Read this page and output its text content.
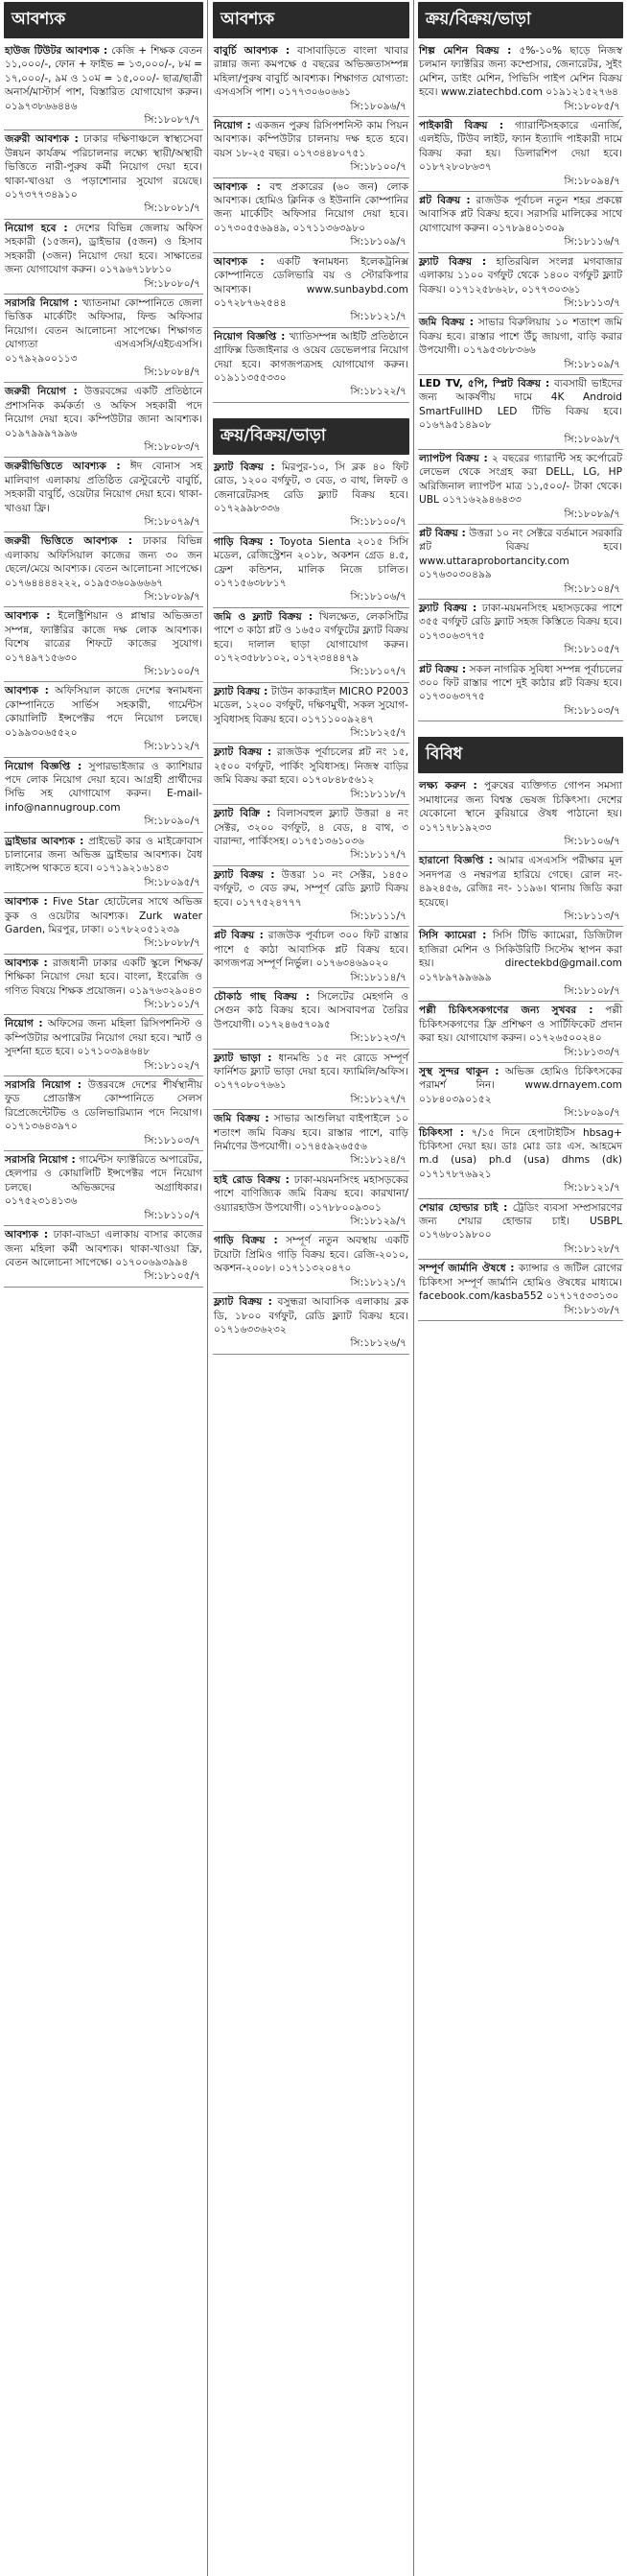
আবশ্যক
হাউজ টিউটর আবশ্যক : কেজি + শিক্ষক বেতন ১১,০০০/-, ফোন + ফাইভ = ১৩,০০০/-, ৮ম = ১৭,০০০/-, ৯ম ও ১০ম = ১৫,০০০/- ছাত্র/ছাত্রী অনার্স/মাস্টার্স পাশ, বিস্তারিত যোগাযোগ করুন। ০১৯৭৩৮৬৬৪৪৬
সি:১৮০৮৭/৭
জরুরী আবশ্যক : ঢাকার দক্ষিণাঞ্চলে স্বাস্থ্যসেবা উন্নয়ন কার্যক্রম পরিচালনার লক্ষ্যে স্থায়ী/অস্থায়ী ভিত্তিতে নারী-পুরুষ কর্মী নিয়োগ দেয়া হবে। থাকা-খাওয়া ও পড়াশোনার সুযোগ রয়েছে। ০১৭৩৭৭৩৪৯১০
সি:১৮০৮১/৭
নিয়োগ হবে : দেশের বিভিন্ন জেলায় অফিস সহকারী (১৫জন), ড্রাইভার (৫জন) ও হিসাব সহকারী (৩জন) নিয়োগ দেয়া হবে। সাক্ষাতের জন্য যোগাযোগ করুন। ০১৭৯৬৭১৮৮১০
সি:১৮০৮০/৭
সরাসরি নিয়োগ : খ্যাতনামা কোম্পানিতে জেলা ভিত্তিক মার্কেটিং অফিসার, ফিল্ড অফিসার নিয়োগ। বেতন আলোচনা সাপেক্ষে। শিক্ষাগত যোগ্যতা এসএসসি/এইচএসসি। ০১৭৯২৯০০১১৩
সি:১৮০৮৪/৭
জরুরী নিয়োগ : উত্তরবঙ্গের একটি প্রতিষ্ঠানে প্রশাসনিক কর্মকর্তা ও অফিস সহকারী পদে নিয়োগ দেয়া হবে। কম্পিউটার জানা আবশ্যক। ০১৯৭৯৯৯৭৯৯৬
সি:১৮০৮৩/৭
জরুরীভিত্তিতে আবশ্যক : ঈদ বোনাস সহ মালিবাগ এলাকায় প্রতিষ্ঠিত রেস্টুরেন্টে বাবুর্চি, সহকারী বাবুর্চি, ওয়েটার নিয়োগ দেয়া হবে। থাকা-খাওয়া ফ্রি।
সি:১৮০৭৯/৭
জরুরী ভিত্তিতে আবশ্যক : ঢাকার বিভিন্ন এলাকায় অফিসিয়াল কাজের জন্য ৩০ জন ছেলে/মেয়ে আবশ্যক। বেতন আলোচনা সাপেক্ষে। ০১৭৬৪৪৪৪২২২, ০১৯৫৩৬০৯৬৬৬৭
সি:১৮০৮৯/৭
আবশ্যক : ইলেক্ট্রিশিয়ান ও প্লাম্বার অভিজ্ঞতা সম্পন্ন, ফ্যাক্টরির কাজে দক্ষ লোক আবশ্যক। বিশেষ রাত্রের শিফটে কাজের সুযোগ। ০১৭৪৯৭১৫৬৩০
সি:১৮১০০/৭
আবশ্যক : অফিসিয়াল কাজে দেশের স্বনামধন্য কোম্পানিতে সার্ভিস সহকারী, গার্মেন্টস কোয়ালিটি ইন্সপেক্টর পদে নিয়োগ চলছে। ০১৯৯৩০৬৫৫২০
সি:১৮১১২/৭
নিয়োগ বিজ্ঞপ্তি : সুপারভাইজার ও ক্যাশিয়ার পদে লোক নিয়োগ দেয়া হবে। আগ্রহী প্রার্থীদের সিভি সহ যোগাযোগ করুন। E-mail-info@nannugroup.com
সি:১৮০৯০/৭
ড্রাইভার আবশ্যক : প্রাইভেট কার ও মাইক্রোবাস চালানোর জন্য অভিজ্ঞ ড্রাইভার আবশ্যক। বৈধ লাইসেন্স থাকতে হবে। ০১৭১৯২১৬১৪৩
সি:১৮০৯৫/৭
আবশ্যক : Five Star হোটেলের সাথে অভিজ্ঞ কুক ও ওয়েটার আবশ্যক। Zurk water Garden, মিরপুর, ঢাকা। ০১৭৮২০৫১২৩৯
সি:১৮০৮৮/৭
আবশ্যক : রাজধানী ঢাকার একটি স্কুলে শিক্ষক/শিক্ষিকা নিয়োগ দেয়া হবে। বাংলা, ইংরেজি ও গণিত বিষয়ে শিক্ষক প্রয়োজন। ০১৯৭৬৩২৯০৪৩
সি:১৮১০১/৭
নিয়োগ : অফিসের জন্য মহিলা রিসিপশনিস্ট ও কম্পিউটার অপারেটর নিয়োগ দেয়া হবে। স্মার্ট ও সুদর্শনা হতে হবে। ০১৭১০৩৯৪৬৪৮
সি:১৮১০২/৭
সরাসরি নিয়োগ : উত্তরবঙ্গে দেশের শীর্ষস্থানীয় ফুড প্রোডাক্টস কোম্পানিতে সেলস রিপ্রেজেন্টেটিভ ও ডেলিভারিম্যান পদে নিয়োগ। ০১৭১৩৬৪৩৯৭০
সি:১৮১০৩/৭
সরাসরি নিয়োগ : গার্মেন্টস ফ্যাক্টরিতে অপারেটর, হেলপার ও কোয়ালিটি ইন্সপেক্টর পদে নিয়োগ চলছে। অভিজ্ঞদের অগ্রাধিকার। ০১৭৫২৩১৪১৩৬
সি:১৮১১০/৭
আবশ্যক : ঢাকা-বাড্ডা এলাকায় বাসার কাজের জন্য মহিলা কর্মী আবশ্যক। থাকা-খাওয়া ফ্রি, বেতন আলোচনা সাপেক্ষে। ০১৭০০৬৯৩৯৯৪
সি:১৮১০৫/৭
আবশ্যক
বাবুর্চি আবশ্যক : বাসাবাড়িতে বাংলা খাবার রান্নার জন্য কমপক্ষে ৫ বছরের অভিজ্ঞতাসম্পন্ন মহিলা/পুরুষ বাবুর্চি আবশ্যক। শিক্ষাগত যোগ্যতা: এসএসসি পাশ। ০১৭৭৩০৬০৬৬১
সি:১৮০৯৬/৭
নিয়োগ : একজন পুরুষ রিসিপশনিস্ট কাম পিয়ন আবশ্যক। কম্পিউটার চালনায় দক্ষ হতে হবে। বয়স ১৮-২৫ বছর। ০১৭৩৪৪৮০৭৫১
সি:১৮১০০/৭
আবশ্যক : বহু প্রকারের (৬০ জন) লোক আবশ্যক। হোমিও ক্লিনিক ও ইউনানি কোম্পানির জন্য মার্কেটিং অফিসার নিয়োগ দেয়া হবে। ০১৭৩০৫৫৬৯৪৯, ০১৭১১৩৬৩৯৮০
সি:১৮১০৯/৭
আবশ্যক : একটি স্বনামধন্য ইলেকট্রনিক্স কোম্পানিতে ডেলিভারি বয় ও স্টোরকিপার আবশ্যক। www.sunbaybd.com ০১৭২৮৭৬২৫৪৪
সি:১৮১২১/৭
নিয়োগ বিজ্ঞপ্তি : খ্যাতিসম্পন্ন আইটি প্রতিষ্ঠানে গ্রাফিক্স ডিজাইনার ও ওয়েব ডেভেলপার নিয়োগ দেয়া হবে। কাগজপত্রসহ যোগাযোগ করুন। ০১৯১১৩৫৫৩৩০
সি:১৮১২২/৭
ক্রয়/বিক্রয়/ভাড়া
ফ্ল্যাট বিক্রয় : মিরপুর-১০, সি ব্লক ৪০ ফিট রোড, ১২০০ বর্গফুট, ৩ বেড, ৩ বাথ, লিফট ও জেনারেটরসহ রেডি ফ্ল্যাট বিক্রয় হবে। ০১৭২৯৯৮৩৩৬
সি:১৮১০০/৭
গাড়ি বিক্রয় : Toyota Sienta ২০১৫ সিসি মডেল, রেজিস্ট্রেশন ২০১৮, অকশন গ্রেড ৪.৫, ফ্রেশ কন্ডিশন, মালিক নিজে চালিত। ০১৭১৫৬৩৮৮১৭
সি:১৮১০৬/৭
জমি ও ফ্ল্যাট বিক্রয় : খিলক্ষেত, লেকসিটির পাশে ৩ কাঠা প্লট ও ১৬৫০ বর্গফুটের ফ্ল্যাট বিক্রয় হবে। দালাল ছাড়া যোগাযোগ করুন। ০১৭২৩৫৮৮১০২, ০১৭২৩৪৪৪৭৯
সি:১৮১০৭/৭
ফ্ল্যাট বিক্রয় : টাউন কাকরাইল MICRO P2003 মডেল, ১২০০ বর্গফুট, দক্ষিণমুখী, সকল সুযোগ-সুবিধাসহ বিক্রয় হবে। ০১৭১১০০৯২৪৭
সি:১৮১২৫/৭
ফ্ল্যাট বিক্রয় : রাজউক পূর্বাচলের প্লট নং ১৫, ২৫০০ বর্গফুট, পার্কিং সুবিধাসহ। নিজস্ব বাড়ির জমি বিক্রয় করা হবে। ০১৭০৮৪৮৫৬১২
সি:১৮১১৮/৭
ফ্ল্যাট বিক্রি : বিলাসবহুল ফ্ল্যাট উত্তরা ৪ নং সেক্টর, ৩২০০ বর্গফুট, ৪ বেড, ৪ বাথ, ৩ বারান্দা, পার্কিংসহ। ০১৭৫১৩৬১০৩৬
সি:১৮১১৭/৭
ফ্ল্যাট বিক্রয় : উত্তরা ১০ নং সেক্টর, ১৪৫০ বর্গফুট, ৩ বেড রুম, সম্পূর্ণ রেডি ফ্ল্যাট বিক্রয় হবে। ০১৭৭৫২৪৭৭৭
সি:১৮১১১/৭
প্লট বিক্রয় : রাজউক পূর্বাচল ৩০০ ফিট রাস্তার পাশে ৫ কাঠা আবাসিক প্লট বিক্রয় হবে। কাগজপত্র সম্পূর্ণ নির্ভুল। ০১৭৬৩৪৬৯০২০
সি:১৮১১৪/৭
চৌকাঠ গাছ বিক্রয় : সিলেটের মেহগনি ও সেগুন কাঠ বিক্রয় হবে। আসবাবপত্র তৈরির উপযোগী। ০১৭২৪৬৫৭০৯৫
সি:১৮১২৩/৭
ফ্ল্যাট ভাড়া : ধানমন্ডি ১৫ নং রোডে সম্পূর্ণ ফার্নিশড ফ্ল্যাট ভাড়া দেয়া হবে। ফ্যামিলি/অফিস। ০১৭৭০৮০৭৬৬১
সি:১৮১২৭/৭
জমি বিক্রয় : সাভার আশুলিয়া বাইপাইলে ১০ শতাংশ জমি বিক্রয় হবে। রাস্তার পাশে, বাড়ি নির্মাণের উপযোগী। ০১৭৪৫৯২৬৫৫৬
সি:১৮১২৪/৭
হাই রোড বিক্রয় : ঢাকা-ময়মনসিংহ মহাসড়কের পাশে বাণিজ্যিক জমি বিক্রয় হবে। কারখানা/ওয়্যারহাউস উপযোগী। ০১৭৮৮০০৯৩০১
সি:১৮১২৯/৭
গাড়ি বিক্রয় : সম্পূর্ণ নতুন অবস্থায় একটি টয়োটা প্রিমিও গাড়ি বিক্রয় হবে। রেজি-২০১০, অকশন-২০০৮। ০১৭১১৩২০৪৭০
সি:১৮১২১/৭
ফ্ল্যাট বিক্রয় : বসুন্ধরা আবাসিক এলাকায় ব্লক ডি, ১৮০০ বর্গফুট, রেডি ফ্ল্যাট বিক্রয় হবে। ০১৭১৬৩৩৬২৩২
সি:১৮১২৬/৭
ক্রয়/বিক্রয়/ভাড়া
শিল্প মেশিন বিক্রয় : ৫%-১০% ছাড়ে নিজস্ব চলমান ফ্যাক্টরির জন্য কম্প্রেসার, জেনারেটর, সুইং মেশিন, ডাইং মেশিন, পিভিসি পাইপ মেশিন বিক্রয় হবে। www.ziatechbd.com ০১৯১২১৫২৭৬৪
সি:১৮০৮৫/৭
পাইকারী বিক্রয় : গ্যারান্টিসহকারে এনার্জি, এলইডি, টিউব লাইট, ফ্যান ইত্যাদি পাইকারী দামে বিক্রয় করা হয়। ডিলারশিপ দেয়া হবে। ০১৮৭২৮০৮৬৩৭
সি:১৮০৯৪/৭
প্লট বিক্রয় : রাজউক পূর্বাচল নতুন শহর প্রকল্পে আবাসিক প্লট বিক্রয় হবে। সরাসরি মালিকের সাথে যোগাযোগ করুন। ০১৭৮৯৪০১৩০৯
সি:১৮১১৬/৭
ফ্ল্যাট বিক্রয় : হাতিরঝিল সংলগ্ন মগবাজার এলাকায় ১১০০ বর্গফুট থেকে ১৪০০ বর্গফুট ফ্ল্যাট বিক্রয়। ০১৭১২৫৮৬২৮, ০১৭৭৩০৩৬১
সি:১৮১১৩/৭
জমি বিক্রয় : সাভার বিরুলিয়ায় ১০ শতাংশ জমি বিক্রয় হবে। রাস্তার পাশে উঁচু জায়গা, বাড়ি করার উপযোগী। ০১৭৯৫৩৮৮৩৬৬
সি:১৮১০৯/৭
LED TV, ৫পি, স্প্লিট বিক্রয় : ব্যবসায়ী ভাইদের জন্য আকর্ষণীয় দামে 4K Android SmartFullHD LED টিভি বিক্রয় হবে। ০১৬৭৯৫১৪৯০৮
সি:১৮০৯৮/৭
ল্যাপটপ বিক্রয় : ২ বছরের গ্যারান্টি সহ কর্পোরেট লেভেল থেকে সংগ্রহ করা DELL, LG, HP অরিজিনাল ল্যাপটপ মাত্র ১১,৫০০/- টাকা থেকে। UBL ০১৭১৬২৯৪৬৪৩৩
সি:১৮০৮৯/৭
প্লট বিক্রয় : উত্তরা ১০ নং সেক্টরে বর্তমানে সরকারি প্লট বিক্রয় হবে। www.uttaraprobortancity.com ০১৭৬৩০৩০৪৯৯
সি:১৮১০৪/৭
ফ্ল্যাট বিক্রয় : ঢাকা-ময়মনসিংহ মহাসড়কের পাশে ৩৫৫ বর্গফুট রেডি ফ্ল্যাট সহজ কিস্তিতে বিক্রয় হবে। ০১৭৩০৬৩৭৭৫
সি:১৮১০৫/৭
প্লট বিক্রয় : সকল নাগরিক সুবিধা সম্পন্ন পূর্বাচলের ৩০০ ফিট রাস্তার পাশে দুই কাঠার প্লট বিক্রয় হবে। ০১৭৩০৬৩৭৭৫
সি:১৮১০৩/৭
বিবিধ
লক্ষ্য করুন : পুরুষের ব্যক্তিগত গোপন সমস্যা সমাধানের জন্য বিশ্বস্ত ভেষজ চিকিৎসা। দেশের যেকোনো স্থানে কুরিয়ারে ঔষধ পাঠানো হয়। ০১৭১৭৮১৯২৩৩
সি:১৮১০৬/৭
হারানো বিজ্ঞপ্তি : আমার এসএসসি পরীক্ষার মূল সনদপত্র ও নম্বরপত্র হারিয়ে গেছে। রোল নং- ৪৯২৪৫৬, রেজিঃ নং- ১১৯৬। থানায় জিডি করা হয়েছে।
সি:১৮১১৩/৭
সিসি ক্যামেরা : সিসি টিভি ক্যামেরা, ডিজিটাল হাজিরা মেশিন ও সিকিউরিটি সিস্টেম স্থাপন করা হয়। directekbd@gmail.com ০১৭৮৯৭৯৯৬৯৯
সি:১৮১০৮/৭
পল্লী চিকিৎসকগণের জন্য সুখবর : পল্লী চিকিৎসকগণের ফ্রি প্রশিক্ষণ ও সার্টিফিকেট প্রদান করা হয়। যোগাযোগ করুন। ০১৭২৬৫০০২৪০
সি:১৮১৩৩/৭
সুস্থ সুন্দর থাকুন : অভিজ্ঞ হোমিও চিকিৎসকের পরামর্শ নিন। www.drnayem.com ০১৮৪০৩৯০১৫২
সি:১৮০৯০/৭
চিকিৎসা : ৭/১৫ দিনে হেপাটাইটিস hbsag+ চিকিৎসা দেয়া হয়। ডাঃ মোঃ ডাঃ এস. আহমেদ m.d (usa) ph.d (usa) dhms (dk) ০১৭১৭৮৭৬৯২১
সি:১৮১২১/৭
শেয়ার হোল্ডার চাই : ট্রেডিং ব্যবসা সম্প্রসারণের জন্য শেয়ার হোল্ডার চাই। USBPL ০১৭৬৮০১৯৮০০
সি:১৮১২৮/৭
সম্পূর্ণ জার্মানি ঔষধে : ক্যান্সার ও জটিল রোগের চিকিৎসা সম্পূর্ণ জার্মানি হোমিও ঔষধের মাধ্যমে। facebook.com/kasba552 ০১৭১৭৫৩৩১৩০
সি:১৮১৩৮/৭
